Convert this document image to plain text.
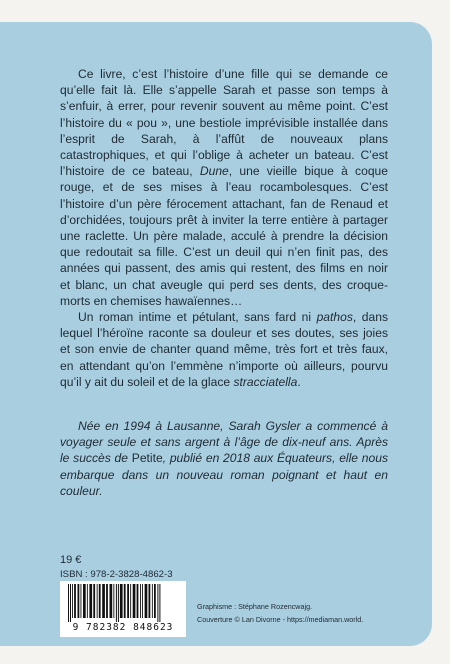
Ce livre, c’est l’histoire d’une fille qui se demande ce qu’elle fait là. Elle s’appelle Sarah et passe son temps à s’enfuir, à errer, pour revenir souvent au même point. C’est l’histoire du « pou », une bestiole imprévisible installée dans l’esprit de Sarah, à l’affût de nouveaux plans catastrophiques, et qui l’oblige à acheter un bateau. C’est l’histoire de ce bateau, Dune, une vieille bique à coque rouge, et de ses mises à l’eau rocambolesques. C’est l’histoire d’un père férocement attachant, fan de Renaud et d’orchidées, toujours prêt à inviter la terre entière à partager une raclette. Un père malade, acculé à prendre la décision que redoutait sa fille. C’est un deuil qui n’en finit pas, des années qui passent, des amis qui restent, des films en noir et blanc, un chat aveugle qui perd ses dents, des croque-morts en chemises hawaïennes…

Un roman intime et pétulant, sans fard ni pathos, dans lequel l’héroïne raconte sa douleur et ses doutes, ses joies et son envie de chanter quand même, très fort et très faux, en attendant qu’on l’emmène n’importe où ailleurs, pourvu qu’il y ait du soleil et de la glace stracciatella.

Née en 1994 à Lausanne, Sarah Gysler a commencé à voyager seule et sans argent à l’âge de dix-neuf ans. Après le succès de Petite, publié en 2018 aux Équateurs, elle nous embarque dans un nouveau roman poignant et haut en couleur.

19 €
ISBN : 978-2-3828-4862-3
9 782382 848623
Graphisme : Stéphane Rozencwajg.
Couverture © Lan Divorne - https://mediaman.world.
